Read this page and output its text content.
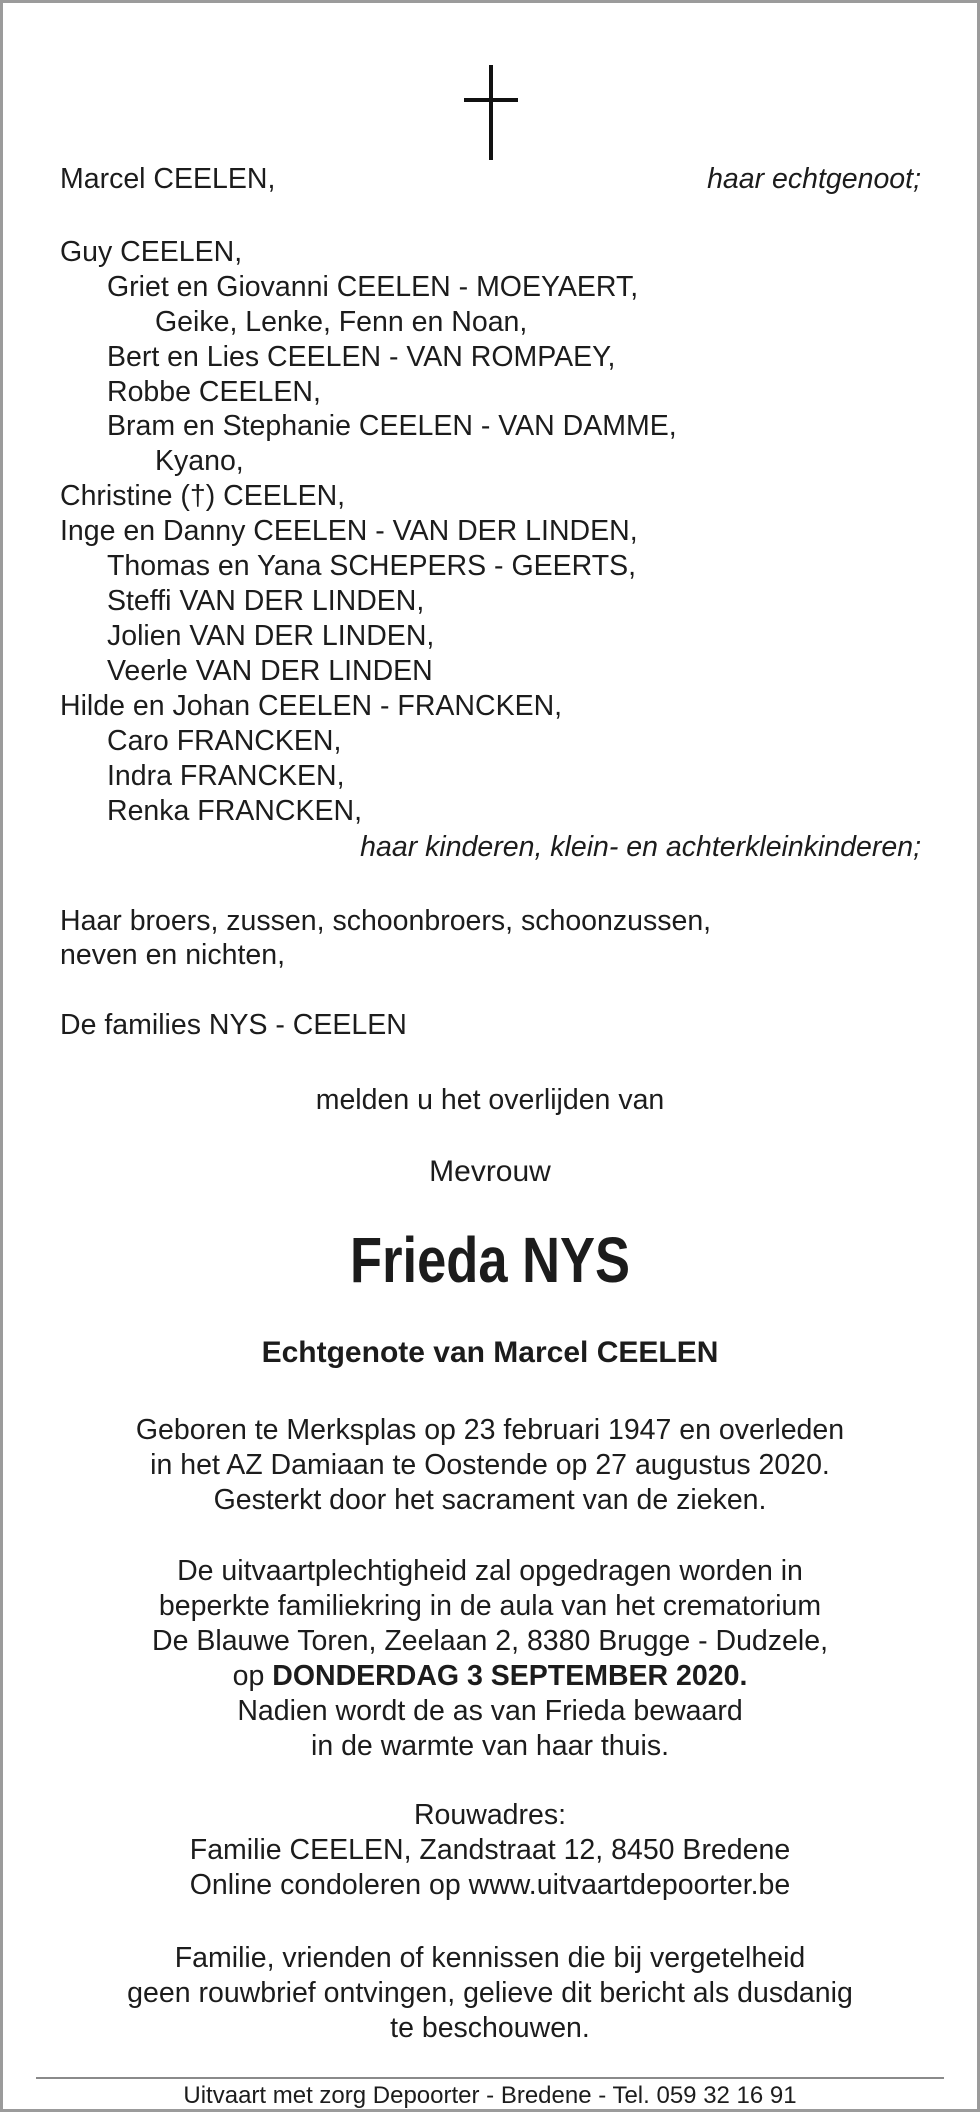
Marcel CEELEN,	haar echtgenoot;
Guy CEELEN,
Griet en Giovanni CEELEN - MOEYAERT,
Geike, Lenke, Fenn en Noan,
Bert en Lies CEELEN - VAN ROMPAEY,
Robbe CEELEN,
Bram en Stephanie CEELEN - VAN DAMME,
Kyano,
Christine (†) CEELEN,
Inge en Danny CEELEN - VAN DER LINDEN,
Thomas en Yana SCHEPERS - GEERTS,
Steffi VAN DER LINDEN,
Jolien VAN DER LINDEN,
Veerle VAN DER LINDEN
Hilde en Johan CEELEN - FRANCKEN,
Caro FRANCKEN,
Indra FRANCKEN,
Renka FRANCKEN,
haar kinderen, klein- en achterkleinkinderen;
Haar broers, zussen, schoonbroers, schoonzussen,
neven en nichten,
De families NYS - CEELEN
melden u het overlijden van
Mevrouw
Frieda NYS
Echtgenote van Marcel CEELEN
Geboren te Merksplas op 23 februari 1947 en overleden
in het AZ Damiaan te Oostende op 27 augustus 2020.
Gesterkt door het sacrament van de zieken.
De uitvaartplechtigheid zal opgedragen worden in
beperkte familiekring in de aula van het crematorium
De Blauwe Toren, Zeelaan 2, 8380 Brugge - Dudzele,
op DONDERDAG 3 SEPTEMBER 2020.
Nadien wordt de as van Frieda bewaard
in de warmte van haar thuis.
Rouwadres:
Familie CEELEN, Zandstraat 12, 8450 Bredene
Online condoleren op www.uitvaartdepoorter.be
Familie, vrienden of kennissen die bij vergetelheid
geen rouwbrief ontvingen, gelieve dit bericht als dusdanig
te beschouwen.
Uitvaart met zorg Depoorter - Bredene - Tel. 059 32 16 91
